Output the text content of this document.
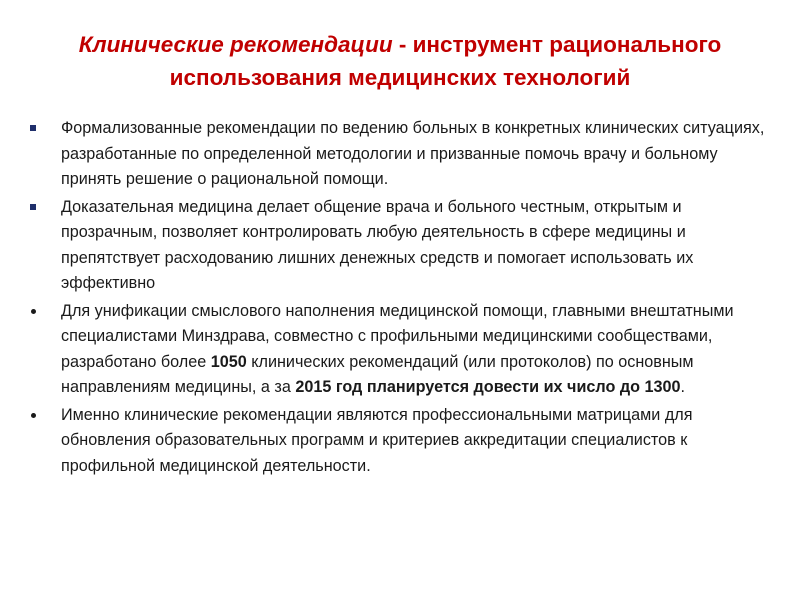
Клинические рекомендации - инструмент рационального
использования медицинских технологий
Формализованные рекомендации по ведению больных в конкретных клинических ситуациях, разработанные по определенной методологии и призванные помочь врачу и больному принять решение о рациональной помощи.
Доказательная медицина делает общение врача и больного честным, открытым и прозрачным, позволяет контролировать любую деятельность в сфере медицины и препятствует расходованию лишних денежных средств и помогает использовать их эффективно
Для унификации смыслового наполнения медицинской помощи, главными внештатными специалистами Минздрава, совместно с профильными медицинскими сообществами, разработано более 1050 клинических рекомендаций (или протоколов) по основным направлениям медицины, а за 2015 год планируется довести их число до 1300.
Именно клинические рекомендации являются профессиональными матрицами для обновления образовательных программ и критериев аккредитации специалистов к профильной медицинской деятельности.
